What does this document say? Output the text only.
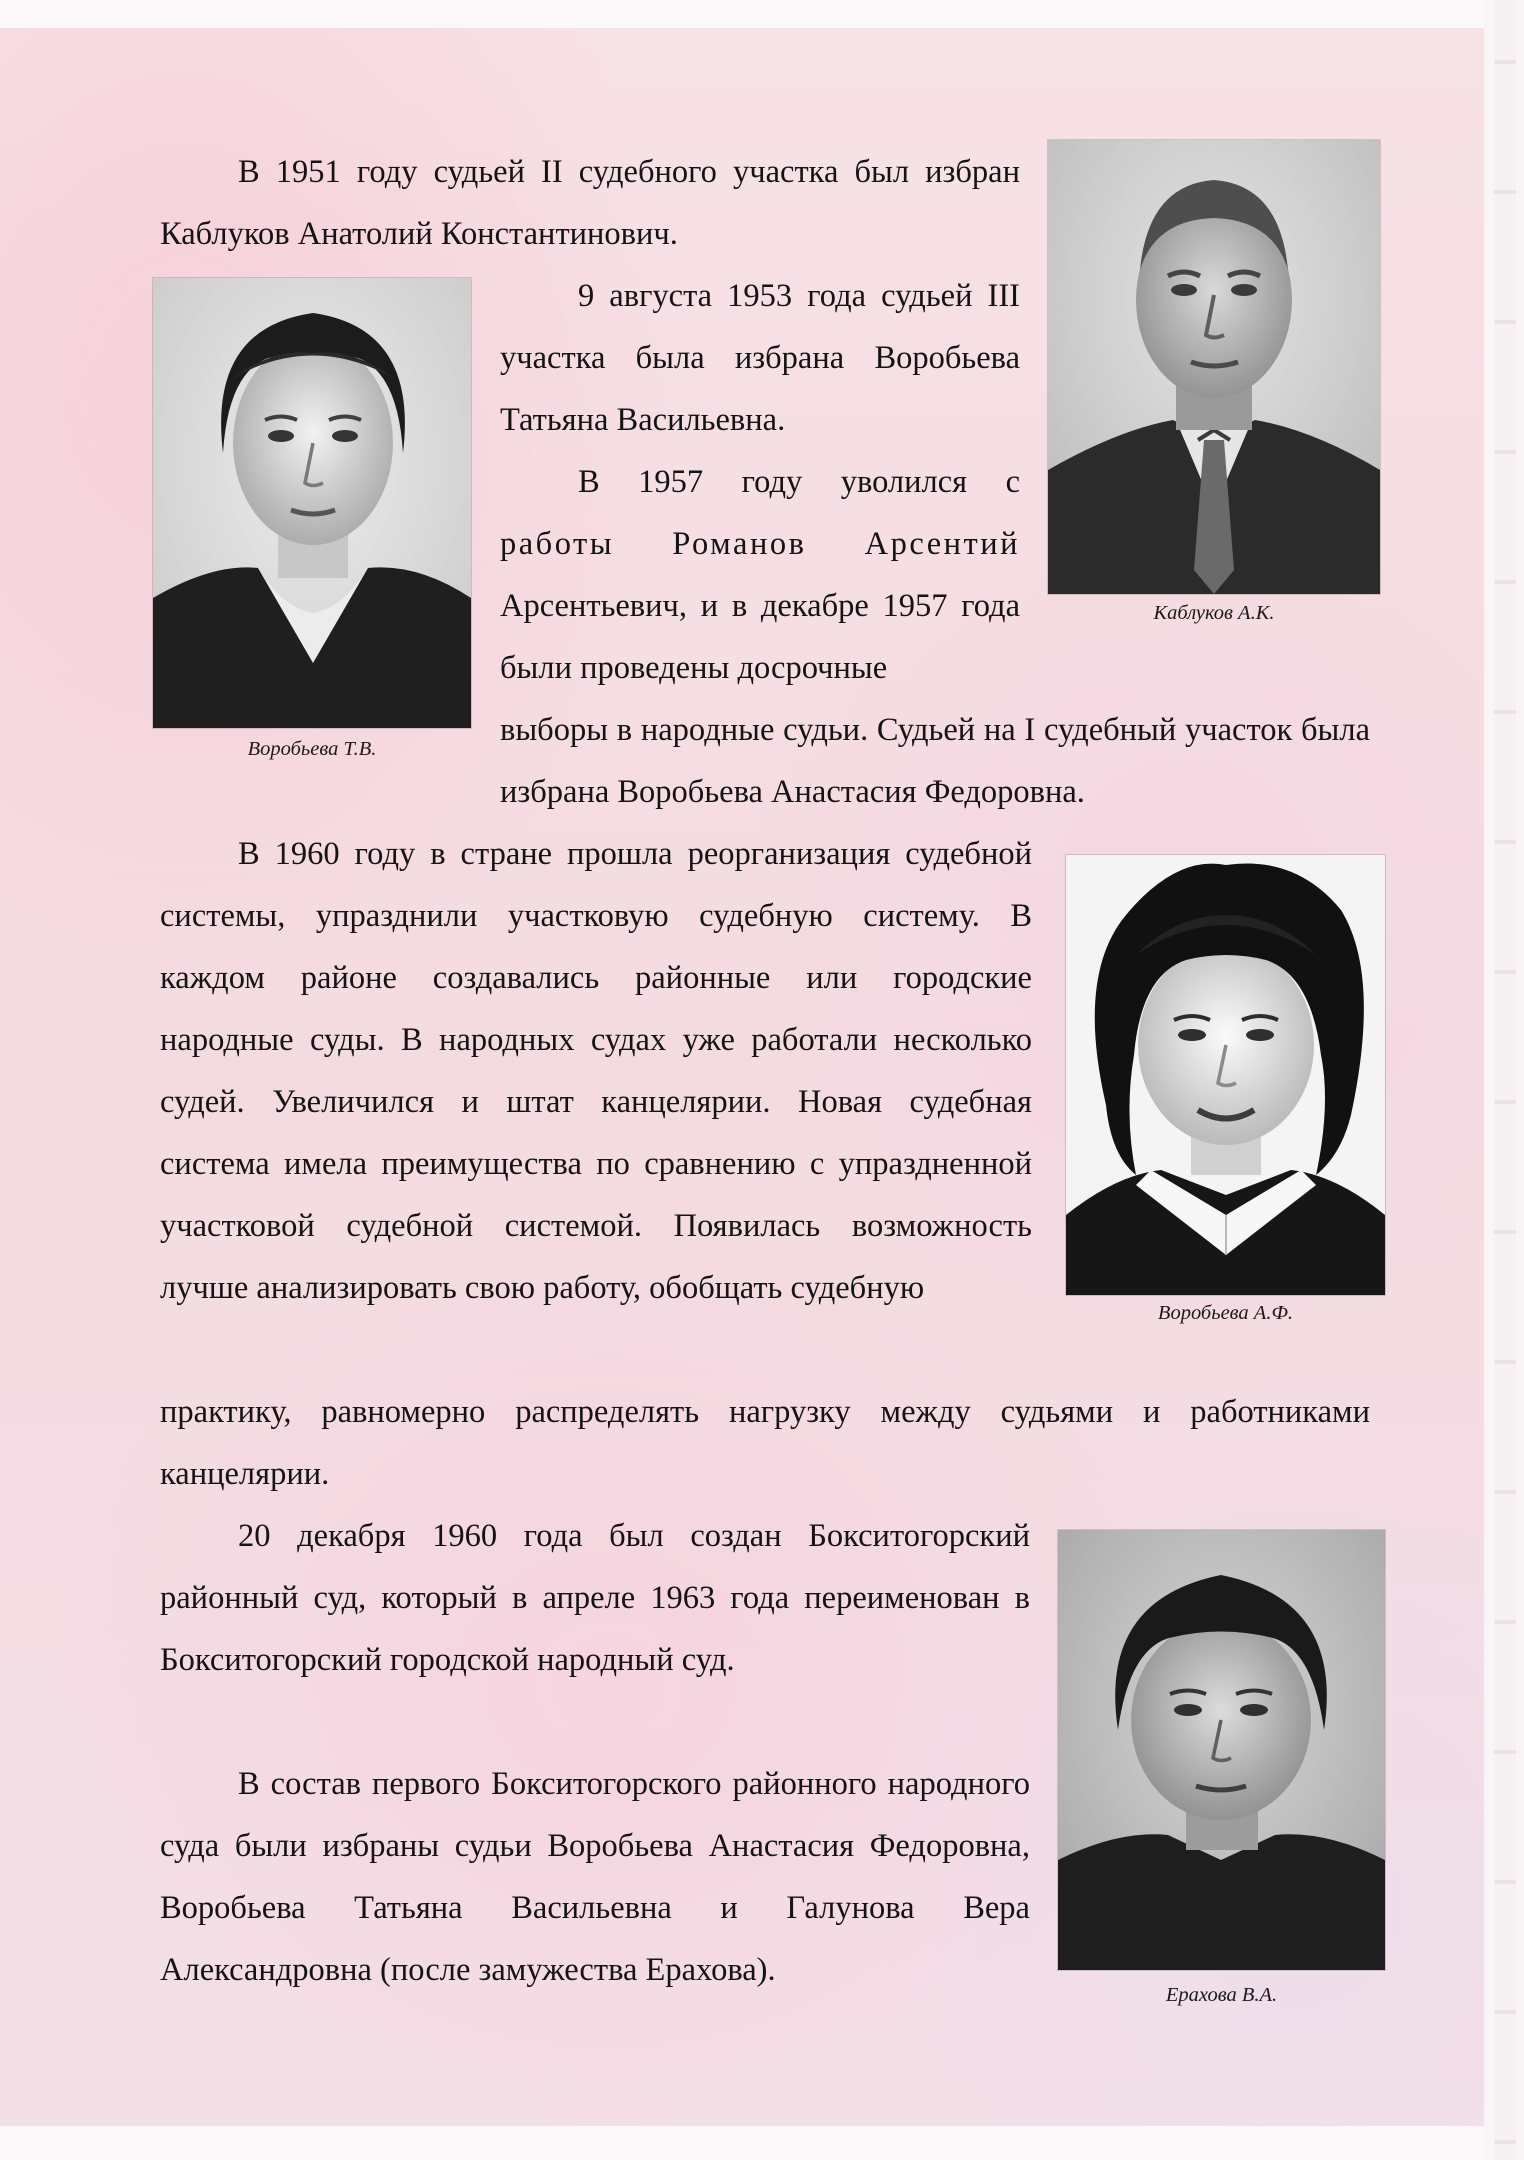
В 1951 году судьей II судебного участка был избран Каблуков Анатолий Константинович.

9 августа 1953 года судьей III участка была избрана Воробьева Татьяна Васильевна.

В 1957 году уволился с

работы Романов Арсентий

Арсентьевич, и в декабре 1957 года были проведены досрочные

выборы в народные судьи. Судьей на I судебный участок была избрана Воробьева Анастасия Федоровна.

В 1960 году в стране прошла реорганизация судебной системы, упразднили участковую судебную систему. В каждом районе создавались районные или городские народные суды. В народных судах уже работали несколько судей. Увеличился и штат канцелярии. Новая судебная система имела преимущества по сравнению с упраздненной участковой судебной системой. Появилась возможность лучше анализировать свою работу, обобщать судебную

практику, равномерно распределять нагрузку между судьями и работниками канцелярии.

20 декабря 1960 года был создан Бокситогорский районный суд, который в апреле 1963 года переименован в Бокситогорский городской народный суд.

В состав первого Бокситогорского районного народного суда были избраны судьи Воробьева Анастасия Федоровна, Воробьева Татьяна Васильевна и Галунова Вера Александровна (после замужества Ерахова).

Каблуков А.К.
Воробьева Т.В.
Воробьева А.Ф.
Ерахова В.А.
